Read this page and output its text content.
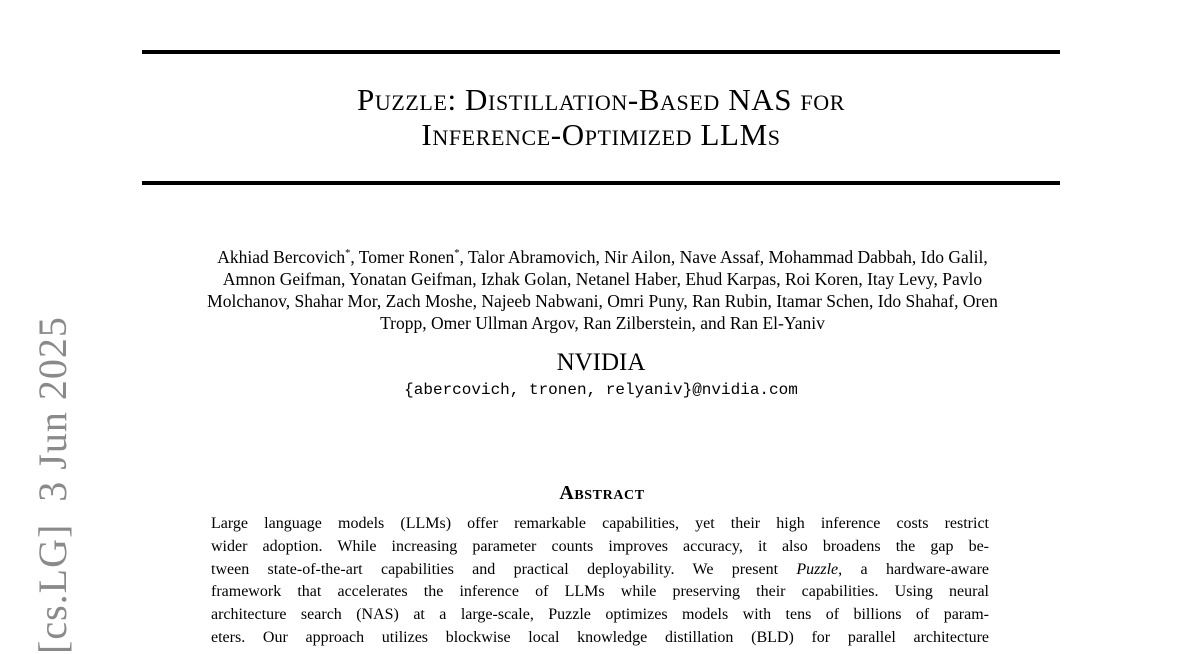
[cs.LG]  3 Jun 2025
Puzzle: Distillation-Based NAS for
Inference-Optimized LLMs
Akhiad Bercovich*, Tomer Ronen*, Talor Abramovich, Nir Ailon, Nave Assaf, Mohammad Dabbah, Ido Galil,
Amnon Geifman, Yonatan Geifman, Izhak Golan, Netanel Haber, Ehud Karpas, Roi Koren, Itay Levy, Pavlo
Molchanov, Shahar Mor, Zach Moshe, Najeeb Nabwani, Omri Puny, Ran Rubin, Itamar Schen, Ido Shahaf, Oren
Tropp, Omer Ullman Argov, Ran Zilberstein, and Ran El-Yaniv
NVIDIA
{abercovich, tronen, relyaniv}@nvidia.com
Abstract
Large language models (LLMs) offer remarkable capabilities, yet their high inference costs restrict
wider adoption. While increasing parameter counts improves accuracy, it also broadens the gap be-
tween state-of-the-art capabilities and practical deployability. We present Puzzle, a hardware-aware
framework that accelerates the inference of LLMs while preserving their capabilities. Using neural
architecture search (NAS) at a large-scale, Puzzle optimizes models with tens of billions of param-
eters. Our approach utilizes blockwise local knowledge distillation (BLD) for parallel architecture
